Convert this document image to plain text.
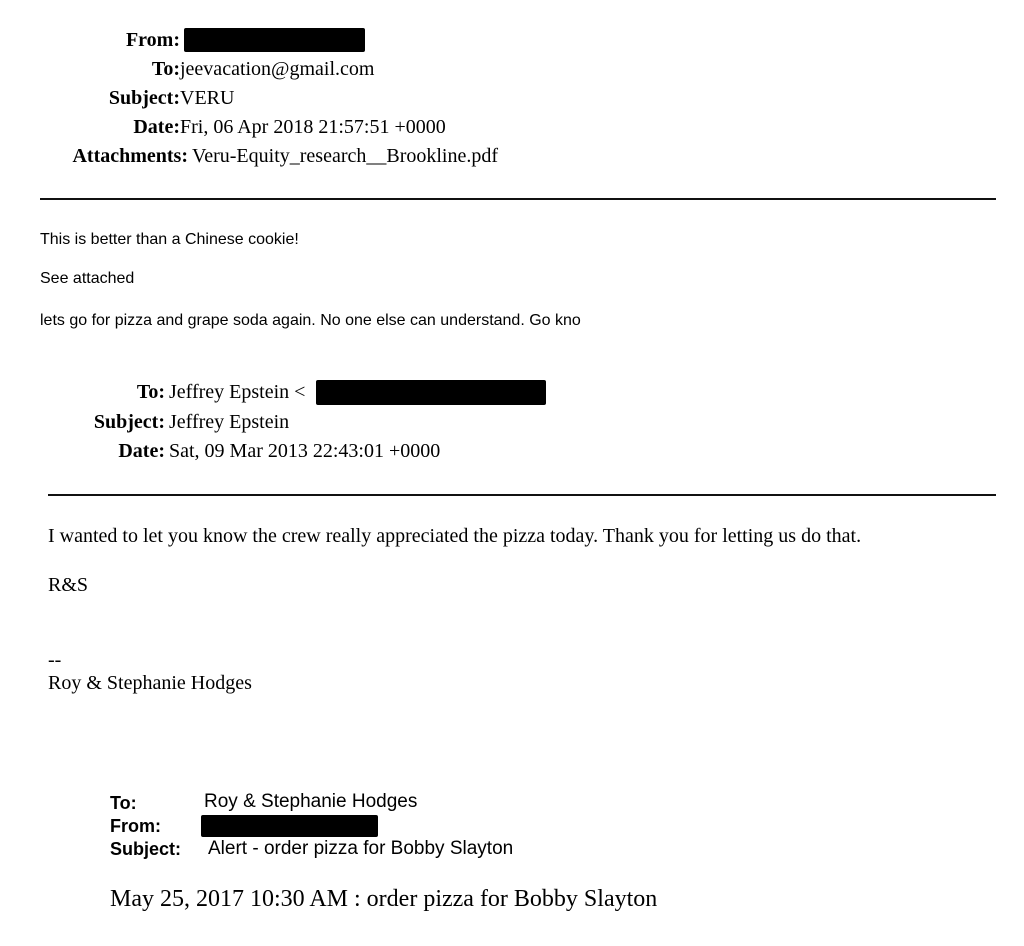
From:
To: jeevacation@gmail.com
Subject: VERU
Date: Fri, 06 Apr 2018 21:57:51 +0000
Attachments: Veru-Equity_research__Brookline.pdf
This is better than a Chinese cookie!
See attached
lets go for pizza and grape soda again. No one else can understand. Go kno
To: Jeffrey Epstein <
Subject: Jeffrey Epstein
Date: Sat, 09 Mar 2013 22:43:01 +0000
I wanted to let you know the crew really appreciated the pizza today. Thank you for letting us do that.
R&S
--
Roy & Stephanie Hodges
To:	Roy & Stephanie Hodges
From:
Subject: Alert - order pizza for Bobby Slayton
May 25, 2017 10:30 AM : order pizza for Bobby Slayton
